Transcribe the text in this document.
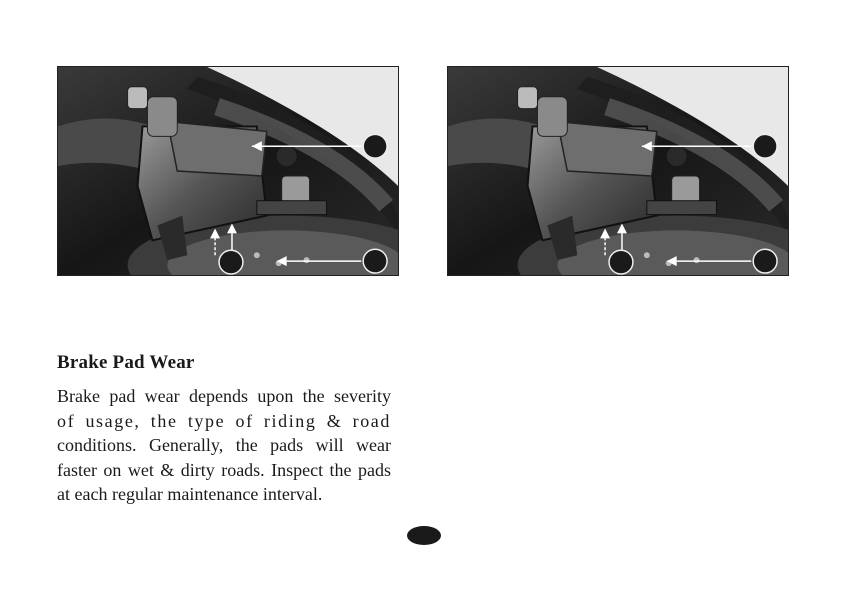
Brake Pad Wear
Brake pad wear depends upon the severity
of usage, the type of riding & road
conditions. Generally, the pads will wear
faster on wet & dirty roads. Inspect the pads
at each regular maintenance interval.
